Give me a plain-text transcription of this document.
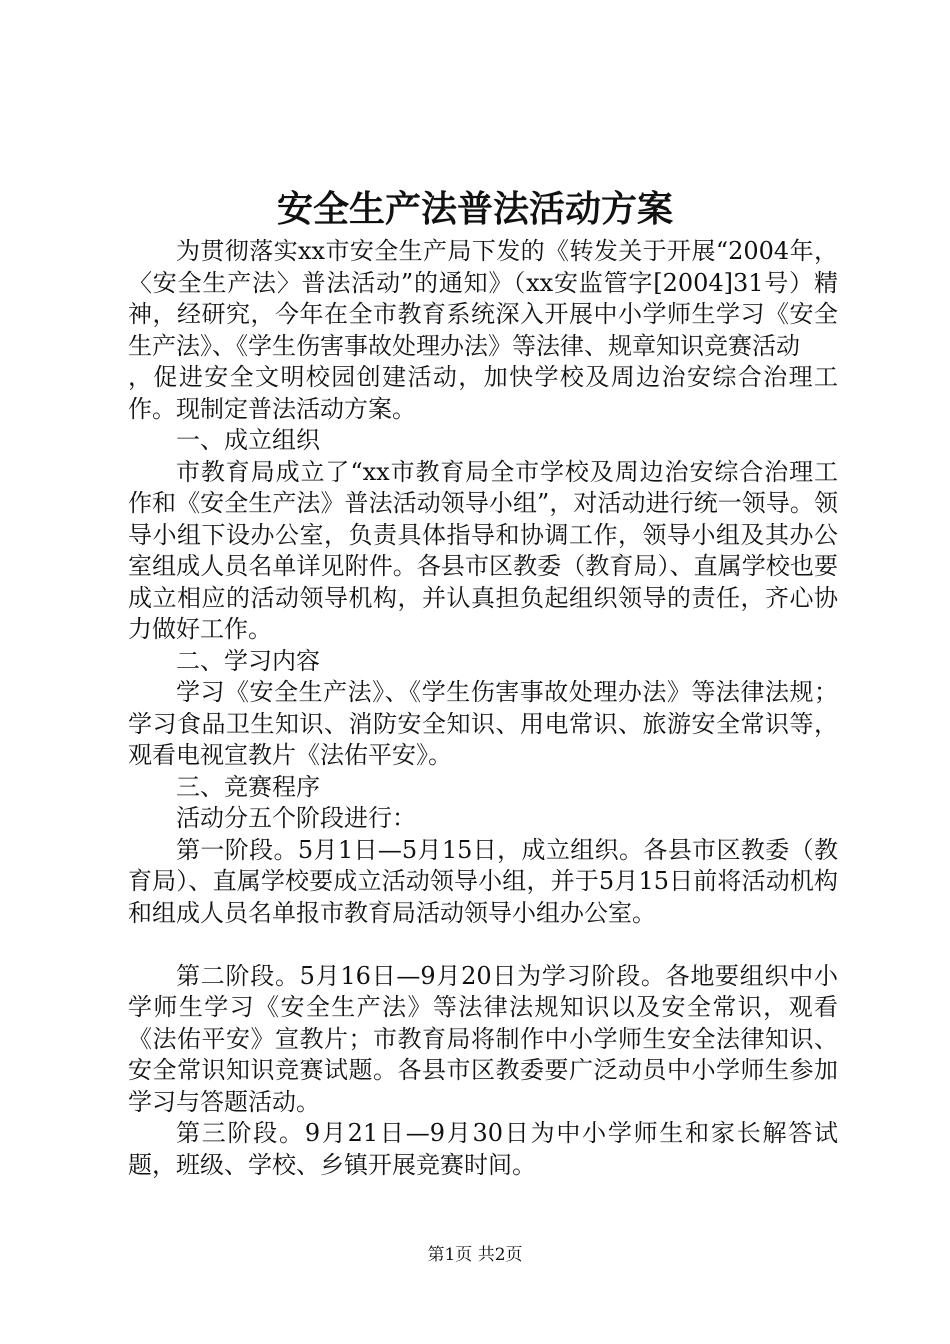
安全生产法普法活动方案

为贯彻落实xx市安全生产局下发的《转发关于开展“2004年，〈安全生产法〉普法活动”的通知》（xx安监管字[2004]31号）精神，经研究，今年在全市教育系统深入开展中小学师生学习《安全生产法》、《学生伤害事故处理办法》等法律、规章知识竞赛活动

，促进安全文明校园创建活动，加快学校及周边治安综合治理工作。现制定普法活动方案。

一、成立组织

市教育局成立了“xx市教育局全市学校及周边治安综合治理工作和《安全生产法》普法活动领导小组”，对活动进行统一领导。领导小组下设办公室，负责具体指导和协调工作，领导小组及其办公室组成人员名单详见附件。各县市区教委（教育局）、直属学校也要成立相应的活动领导机构，并认真担负起组织领导的责任，齐心协力做好工作。

二、学习内容

学习《安全生产法》、《学生伤害事故处理办法》等法律法规；学习食品卫生知识、消防安全知识、用电常识、旅游安全常识等，观看电视宣教片《法佑平安》。

三、竞赛程序

活动分五个阶段进行：

第一阶段。5月1日—5月15日，成立组织。各县市区教委（教育局）、直属学校要成立活动领导小组，并于5月15日前将活动机构和组成人员名单报市教育局活动领导小组办公室。

第二阶段。5月16日—9月20日为学习阶段。各地要组织中小学师生学习《安全生产法》等法律法规知识以及安全常识，观看《法佑平安》宣教片；市教育局将制作中小学师生安全法律知识、安全常识知识竞赛试题。各县市区教委要广泛动员中小学师生参加学习与答题活动。

第三阶段。9月21日—9月30日为中小学师生和家长解答试题，班级、学校、乡镇开展竞赛时间。

第1页 共2页
